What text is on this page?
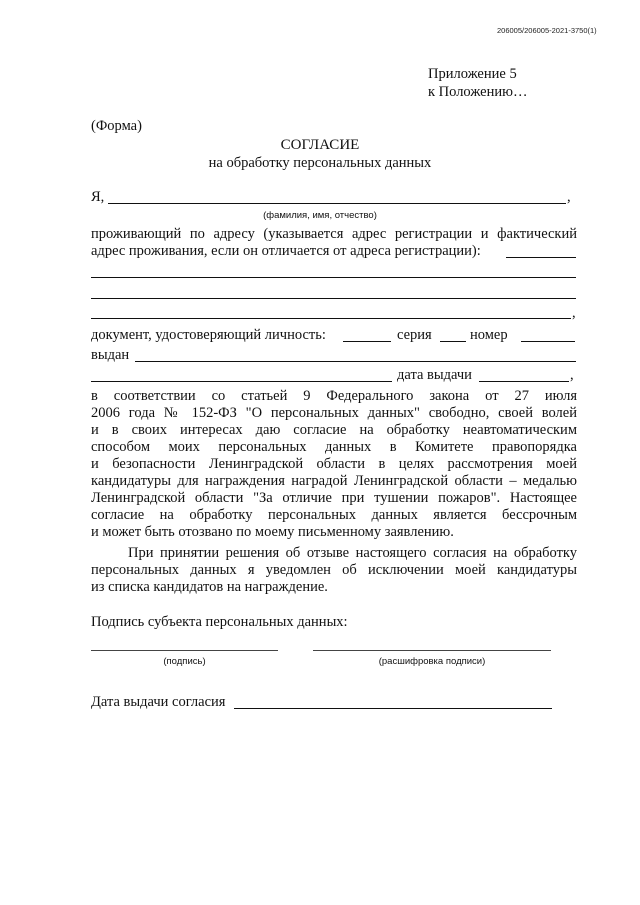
206005/206005-2021-3750(1)
Приложение 5
к Положению…
(Форма)
СОГЛАСИЕ
на обработку персональных данных
Я,	,
(фамилия, имя, отчество)
проживающий по адресу (указывается адрес регистрации и фактический
адрес проживания, если он отличается от адреса регистрации):
,
документ, удостоверяющий личность:	серия	номер
выдан
дата выдачи	,
в соответствии со статьей 9 Федерального закона от 27 июля
2006 года № 152-ФЗ "О персональных данных" свободно, своей волей
и в своих интересах даю согласие на обработку неавтоматическим
способом моих персональных данных в Комитете правопорядка
и безопасности Ленинградской области в целях рассмотрения моей
кандидатуры для награждения наградой Ленинградской области – медалью
Ленинградской области "За отличие при тушении пожаров". Настоящее
согласие на обработку персональных данных является бессрочным
и может быть отозвано по моему письменному заявлению.
При принятии решения об отзыве настоящего согласия на обработку
персональных данных я уведомлен об исключении моей кандидатуры
из списка кандидатов на награждение.
Подпись субъекта персональных данных:
(подпись)	(расшифровка подписи)
Дата выдачи согласия
